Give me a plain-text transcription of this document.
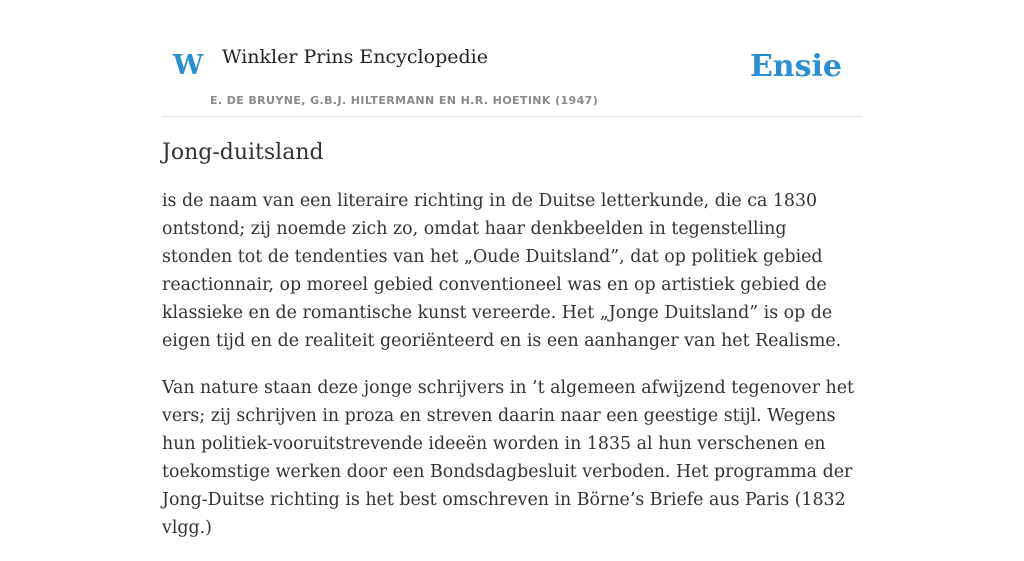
W Winkler Prins Encyclopedie
E. DE BRUYNE, G.B.J. HILTERMANN EN H.R. HOETINK (1947)
Ensie
Jong-duitsland

is de naam van een literaire richting in de Duitse letterkunde, die ca 1830 ontstond; zij noemde zich zo, omdat haar denkbeelden in tegenstelling stonden tot de tendenties van het „Oude Duitsland”, dat op politiek gebied reactionnair, op moreel gebied conventioneel was en op artistiek gebied de klassieke en de romantische kunst vereerde. Het „Jonge Duitsland” is op de eigen tijd en de realiteit georiënteerd en is een aanhanger van het Realisme.

Van nature staan deze jonge schrijvers in ’t algemeen afwijzend tegenover het vers; zij schrijven in proza en streven daarin naar een geestige stijl. Wegens hun politiek-vooruitstrevende ideeën worden in 1835 al hun verschenen en toekomstige werken door een Bondsdagbesluit verboden. Het programma der Jong-Duitse richting is het best omschreven in Börne’s Briefe aus Paris (1832 vlgg.)
